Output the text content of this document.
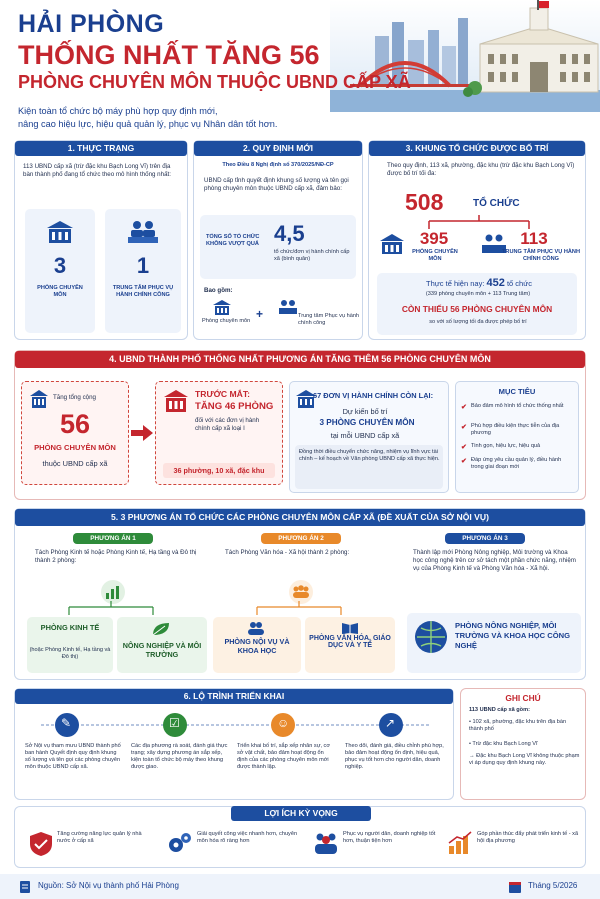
HẢI PHÒNG
THỐNG NHẤT TĂNG 56
PHÒNG CHUYÊN MÔN THUỘC UBND CẤP XÃ
Kiện toàn tổ chức bộ máy phù hợp quy định mới,
nâng cao hiệu lực, hiệu quả quản lý, phục vụ Nhân dân tốt hơn.
1. THỰC TRẠNG
113 UBND cấp xã (trừ đặc khu Bạch Long Vĩ) trên địa bàn thành phố đang tổ chức theo mô hình thống nhất:
3
PHÒNG CHUYÊN MÔN
1
TRUNG TÂM PHỤC VỤ HÀNH CHÍNH CÔNG
2. QUY ĐỊNH MỚI
Theo Điều 8 Nghị định số 370/2025/NĐ-CP
UBND cấp tỉnh quyết định khung số lượng và tên gọi phòng chuyên môn thuộc UBND cấp xã, đảm bảo:
TỔNG SỐ TỔ CHỨC KHÔNG VƯỢT QUÁ 4,5
tổ chức/đơn vị hành chính cấp xã (bình quân)
Bao gồm:
Phòng chuyên môn +	Trung tâm Phục vụ hành chính công
3. KHUNG TỔ CHỨC ĐƯỢC BỐ TRÍ
Theo quy định, 113 xã, phường, đặc khu (trừ đặc khu Bạch Long Vĩ) được bố trí tối đa:
508	TỔ CHỨC
395
PHÒNG CHUYÊN MÔN
113
TRUNG TÂM PHỤC VỤ HÀNH CHÍNH CÔNG
Thực tế hiện nay: 452 tổ chức
(339 phòng chuyên môn + 113 Trung tâm)
CÒN THIẾU 56 PHÒNG CHUYÊN MÔN
so với số lượng tối đa được phép bố trí
4. UBND THÀNH PHỐ THỐNG NHẤT PHƯƠNG ÁN TĂNG THÊM 56 PHÒNG CHUYÊN MÔN
Tăng tổng cộng
56
PHÒNG CHUYÊN MÔN
thuộc UBND cấp xã
TRƯỚC MẮT:
TĂNG 46 PHÒNG
đối với các đơn vị hành chính cấp xã loại I
36 phường, 10 xã, đặc khu
67 ĐƠN VỊ HÀNH CHÍNH CÒN LẠI:
Dự kiến bố trí
3 PHÒNG CHUYÊN MÔN
tại mỗi UBND cấp xã
Đồng thời điều chuyển chức năng, nhiệm vụ lĩnh vực tài chính – kế hoạch về Văn phòng UBND cấp xã thực hiện.
MỤC TIÊU
✔ Bảo đảm mô hình tổ chức thống nhất
✔ Phù hợp điều kiện thực tiễn của địa phương
✔ Tinh gọn, hiệu lực, hiệu quả
✔ Đáp ứng yêu cầu quản lý, điều hành trong giai đoạn mới
5. 3 PHƯƠNG ÁN TỔ CHỨC CÁC PHÒNG CHUYÊN MÔN CẤP XÃ (ĐỀ XUẤT CỦA SỞ NỘI VỤ)
PHƯƠNG ÁN 1
Tách Phòng Kinh tế hoặc Phòng Kinh tế, Hạ tầng và Đô thị thành 2 phòng:
PHÒNG KINH TẾ
(hoặc Phòng Kinh tế, Hạ tầng và Đô thị)
NÔNG NGHIỆP VÀ MÔI TRƯỜNG
PHƯƠNG ÁN 2
Tách Phòng Văn hóa - Xã hội thành 2 phòng:
PHÒNG NỘI VỤ VÀ KHOA HỌC
PHÒNG VĂN HÓA, GIÁO DỤC VÀ Y TẾ
PHƯƠNG ÁN 3
Thành lập mới Phòng Nông nghiệp, Môi trường và Khoa học công nghệ trên cơ sở tách một phần chức năng, nhiệm vụ của Phòng Kinh tế và Phòng Văn hóa - Xã hội.
PHÒNG NÔNG NGHIỆP, MÔI TRƯỜNG VÀ KHOA HỌC CÔNG NGHỆ
6. LỘ TRÌNH TRIỂN KHAI
✎	☑	☺	↗
Sở Nội vụ tham mưu UBND thành phố ban hành Quyết định quy định khung số lượng và tên gọi các phòng chuyên môn thuộc UBND cấp xã.
Các địa phương rà soát, đánh giá thực trạng; xây dựng phương án sắp xếp, kiện toàn tổ chức bộ máy theo khung được giao.
Triển khai bố trí, sắp xếp nhân sự, cơ sở vật chất, bảo đảm hoạt động ổn định của các phòng chuyên môn mới được thành lập.
Theo dõi, đánh giá, điều chỉnh phù hợp, bảo đảm hoạt động ổn định, hiệu quả, phục vụ tốt hơn cho người dân, doanh nghiệp.
GHI CHÚ
113 UBND cấp xã gồm:
• 102 xã, phường, đặc khu trên địa bàn thành phố
• Trừ đặc khu Bạch Long Vĩ
→ Đặc khu Bạch Long Vĩ không thuộc phạm vi áp dụng quy định khung này.
LỢI ÍCH KỲ VỌNG
Tăng cường năng lực quản lý nhà nước ở cấp xã
Giải quyết công việc nhanh hơn, chuyên môn hóa rõ ràng hơn
Phục vụ người dân, doanh nghiệp tốt hơn, thuận tiện hơn
Góp phần thúc đẩy phát triển kinh tế - xã hội địa phương
Nguồn: Sở Nội vụ thành phố Hải Phòng	Tháng 5/2026
